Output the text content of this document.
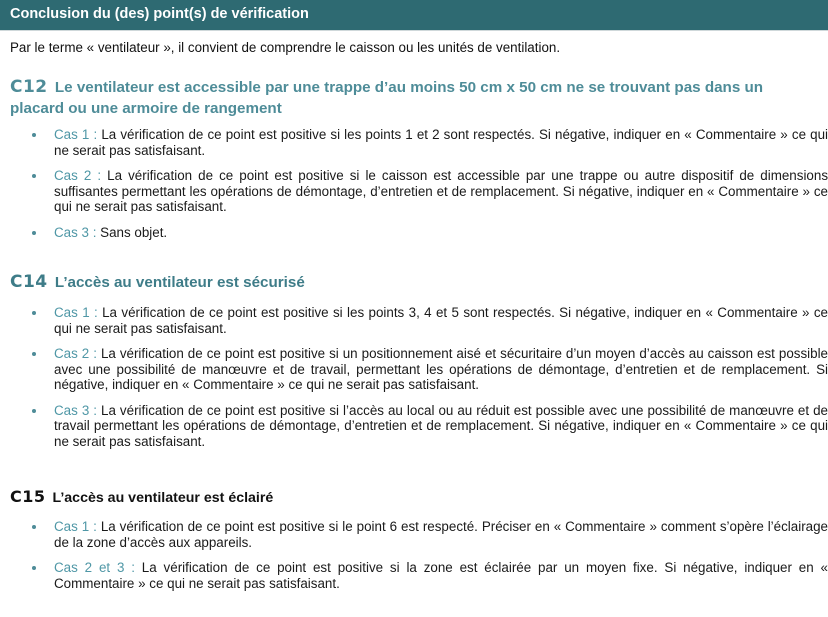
Conclusion du (des) point(s) de vérification

Par le terme « ventilateur », il convient de comprendre le caisson ou les unités de ventilation.

C12 Le ventilateur est accessible par une trappe d’au moins 50 cm x 50 cm ne se trouvant pas dans un placard ou une armoire de rangement
Cas 1 : La vérification de ce point est positive si les points 1 et 2 sont respectés. Si négative, indiquer en « Commentaire » ce qui ne serait pas satisfaisant.
Cas 2 : La vérification de ce point est positive si le caisson est accessible par une trappe ou autre dispositif de dimensions suffisantes permettant les opérations de démontage, d’entretien et de remplacement. Si négative, indiquer en « Commentaire » ce qui ne serait pas satisfaisant.
Cas 3 : Sans objet.
C14 L’accès au ventilateur est sécurisé
Cas 1 : La vérification de ce point est positive si les points 3, 4 et 5 sont respectés. Si négative, indiquer en « Commentaire » ce qui ne serait pas satisfaisant.
Cas 2 : La vérification de ce point est positive si un positionnement aisé et sécuritaire d’un moyen d’accès au caisson est possible avec une possibilité de manœuvre et de travail, permettant les opérations de démontage, d’entretien et de remplacement. Si négative, indiquer en « Commentaire » ce qui ne serait pas satisfaisant.
Cas 3 : La vérification de ce point est positive si l’accès au local ou au réduit est possible avec une possibilité de manœuvre et de travail permettant les opérations de démontage, d’entretien et de remplacement. Si négative, indiquer en « Commentaire » ce qui ne serait pas satisfaisant.
C15 L’accès au ventilateur est éclairé
Cas 1 : La vérification de ce point est positive si le point 6 est respecté. Préciser en « Commentaire » comment s’opère l’éclairage de la zone d’accès aux appareils.
Cas 2 et 3 : La vérification de ce point est positive si la zone est éclairée par un moyen fixe. Si négative, indiquer en « Commentaire » ce qui ne serait pas satisfaisant.
